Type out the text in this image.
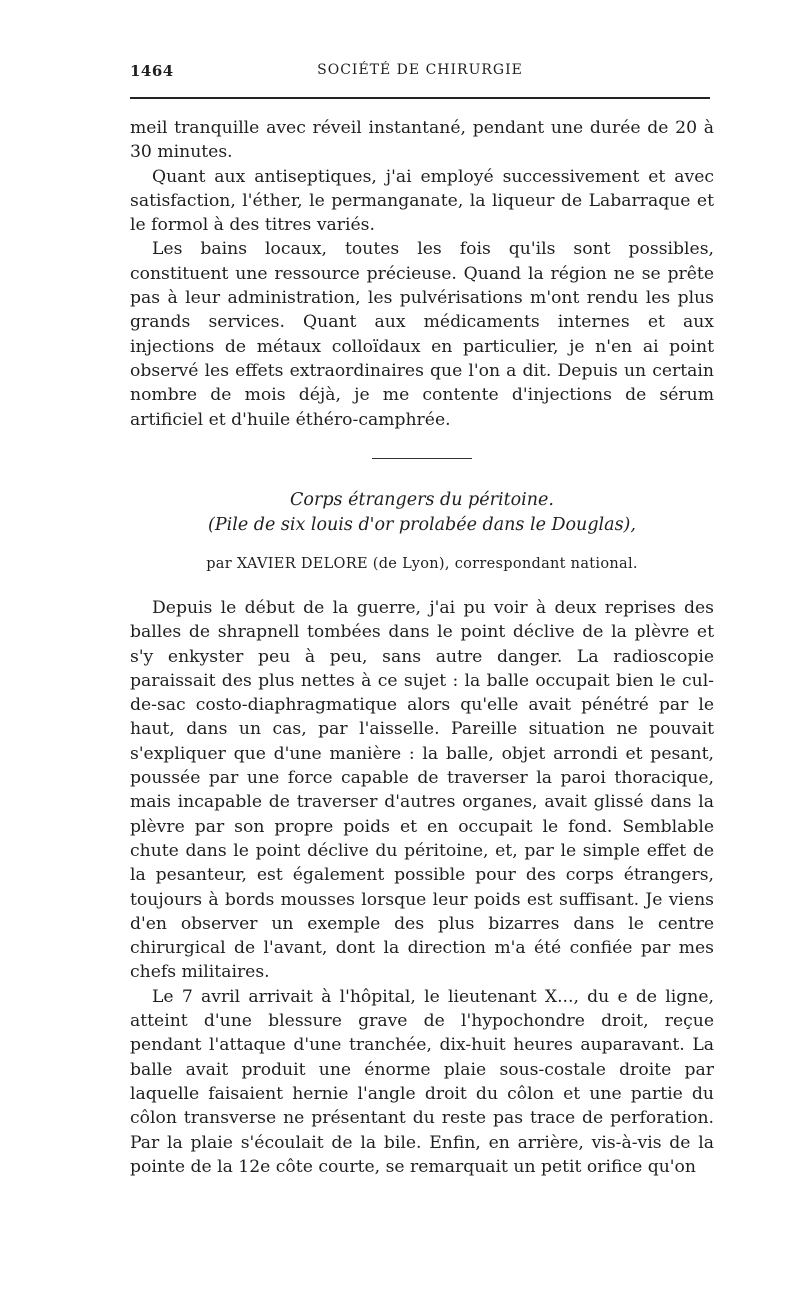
1464	SOCIÉTÉ DE CHIRURGIE

meil tranquille avec réveil instantané, pendant une durée de 20 à 30 minutes.

Quant aux antiseptiques, j'ai employé successivement et avec satisfaction, l'éther, le permanganate, la liqueur de Labarraque et le formol à des titres variés.

Les bains locaux, toutes les fois qu'ils sont possibles, constituent une ressource précieuse. Quand la région ne se prête pas à leur administration, les pulvérisations m'ont rendu les plus grands services. Quant aux médicaments internes et aux injections de métaux colloïdaux en particulier, je n'en ai point observé les effets extraordinaires que l'on a dit. Depuis un certain nombre de mois déjà, je me contente d'injections de sérum artificiel et d'huile éthéro-camphrée.

Corps étrangers du péritoine.
(Pile de six louis d'or prolabée dans le Douglas),
par XAVIER DELORE (de Lyon), correspondant national.

Depuis le début de la guerre, j'ai pu voir à deux reprises des balles de shrapnell tombées dans le point déclive de la plèvre et s'y enkyster peu à peu, sans autre danger. La radioscopie paraissait des plus nettes à ce sujet : la balle occupait bien le cul-de-sac costo-diaphragmatique alors qu'elle avait pénétré par le haut, dans un cas, par l'aisselle. Pareille situation ne pouvait s'expliquer que d'une manière : la balle, objet arrondi et pesant, poussée par une force capable de traverser la paroi thoracique, mais incapable de traverser d'autres organes, avait glissé dans la plèvre par son propre poids et en occupait le fond. Semblable chute dans le point déclive du péritoine, et, par le simple effet de la pesanteur, est également possible pour des corps étrangers, toujours à bords mousses lorsque leur poids est suffisant. Je viens d'en observer un exemple des plus bizarres dans le centre chirurgical de l'avant, dont la direction m'a été confiée par mes chefs militaires.

Le 7 avril arrivait à l'hôpital, le lieutenant X..., du e de ligne, atteint d'une blessure grave de l'hypochondre droit, reçue pendant l'attaque d'une tranchée, dix-huit heures auparavant. La balle avait produit une énorme plaie sous-costale droite par laquelle faisaient hernie l'angle droit du côlon et une partie du côlon transverse ne présentant du reste pas trace de perforation. Par la plaie s'écoulait de la bile. Enfin, en arrière, vis-à-vis de la pointe de la 12e côte courte, se remarquait un petit orifice qu'on
